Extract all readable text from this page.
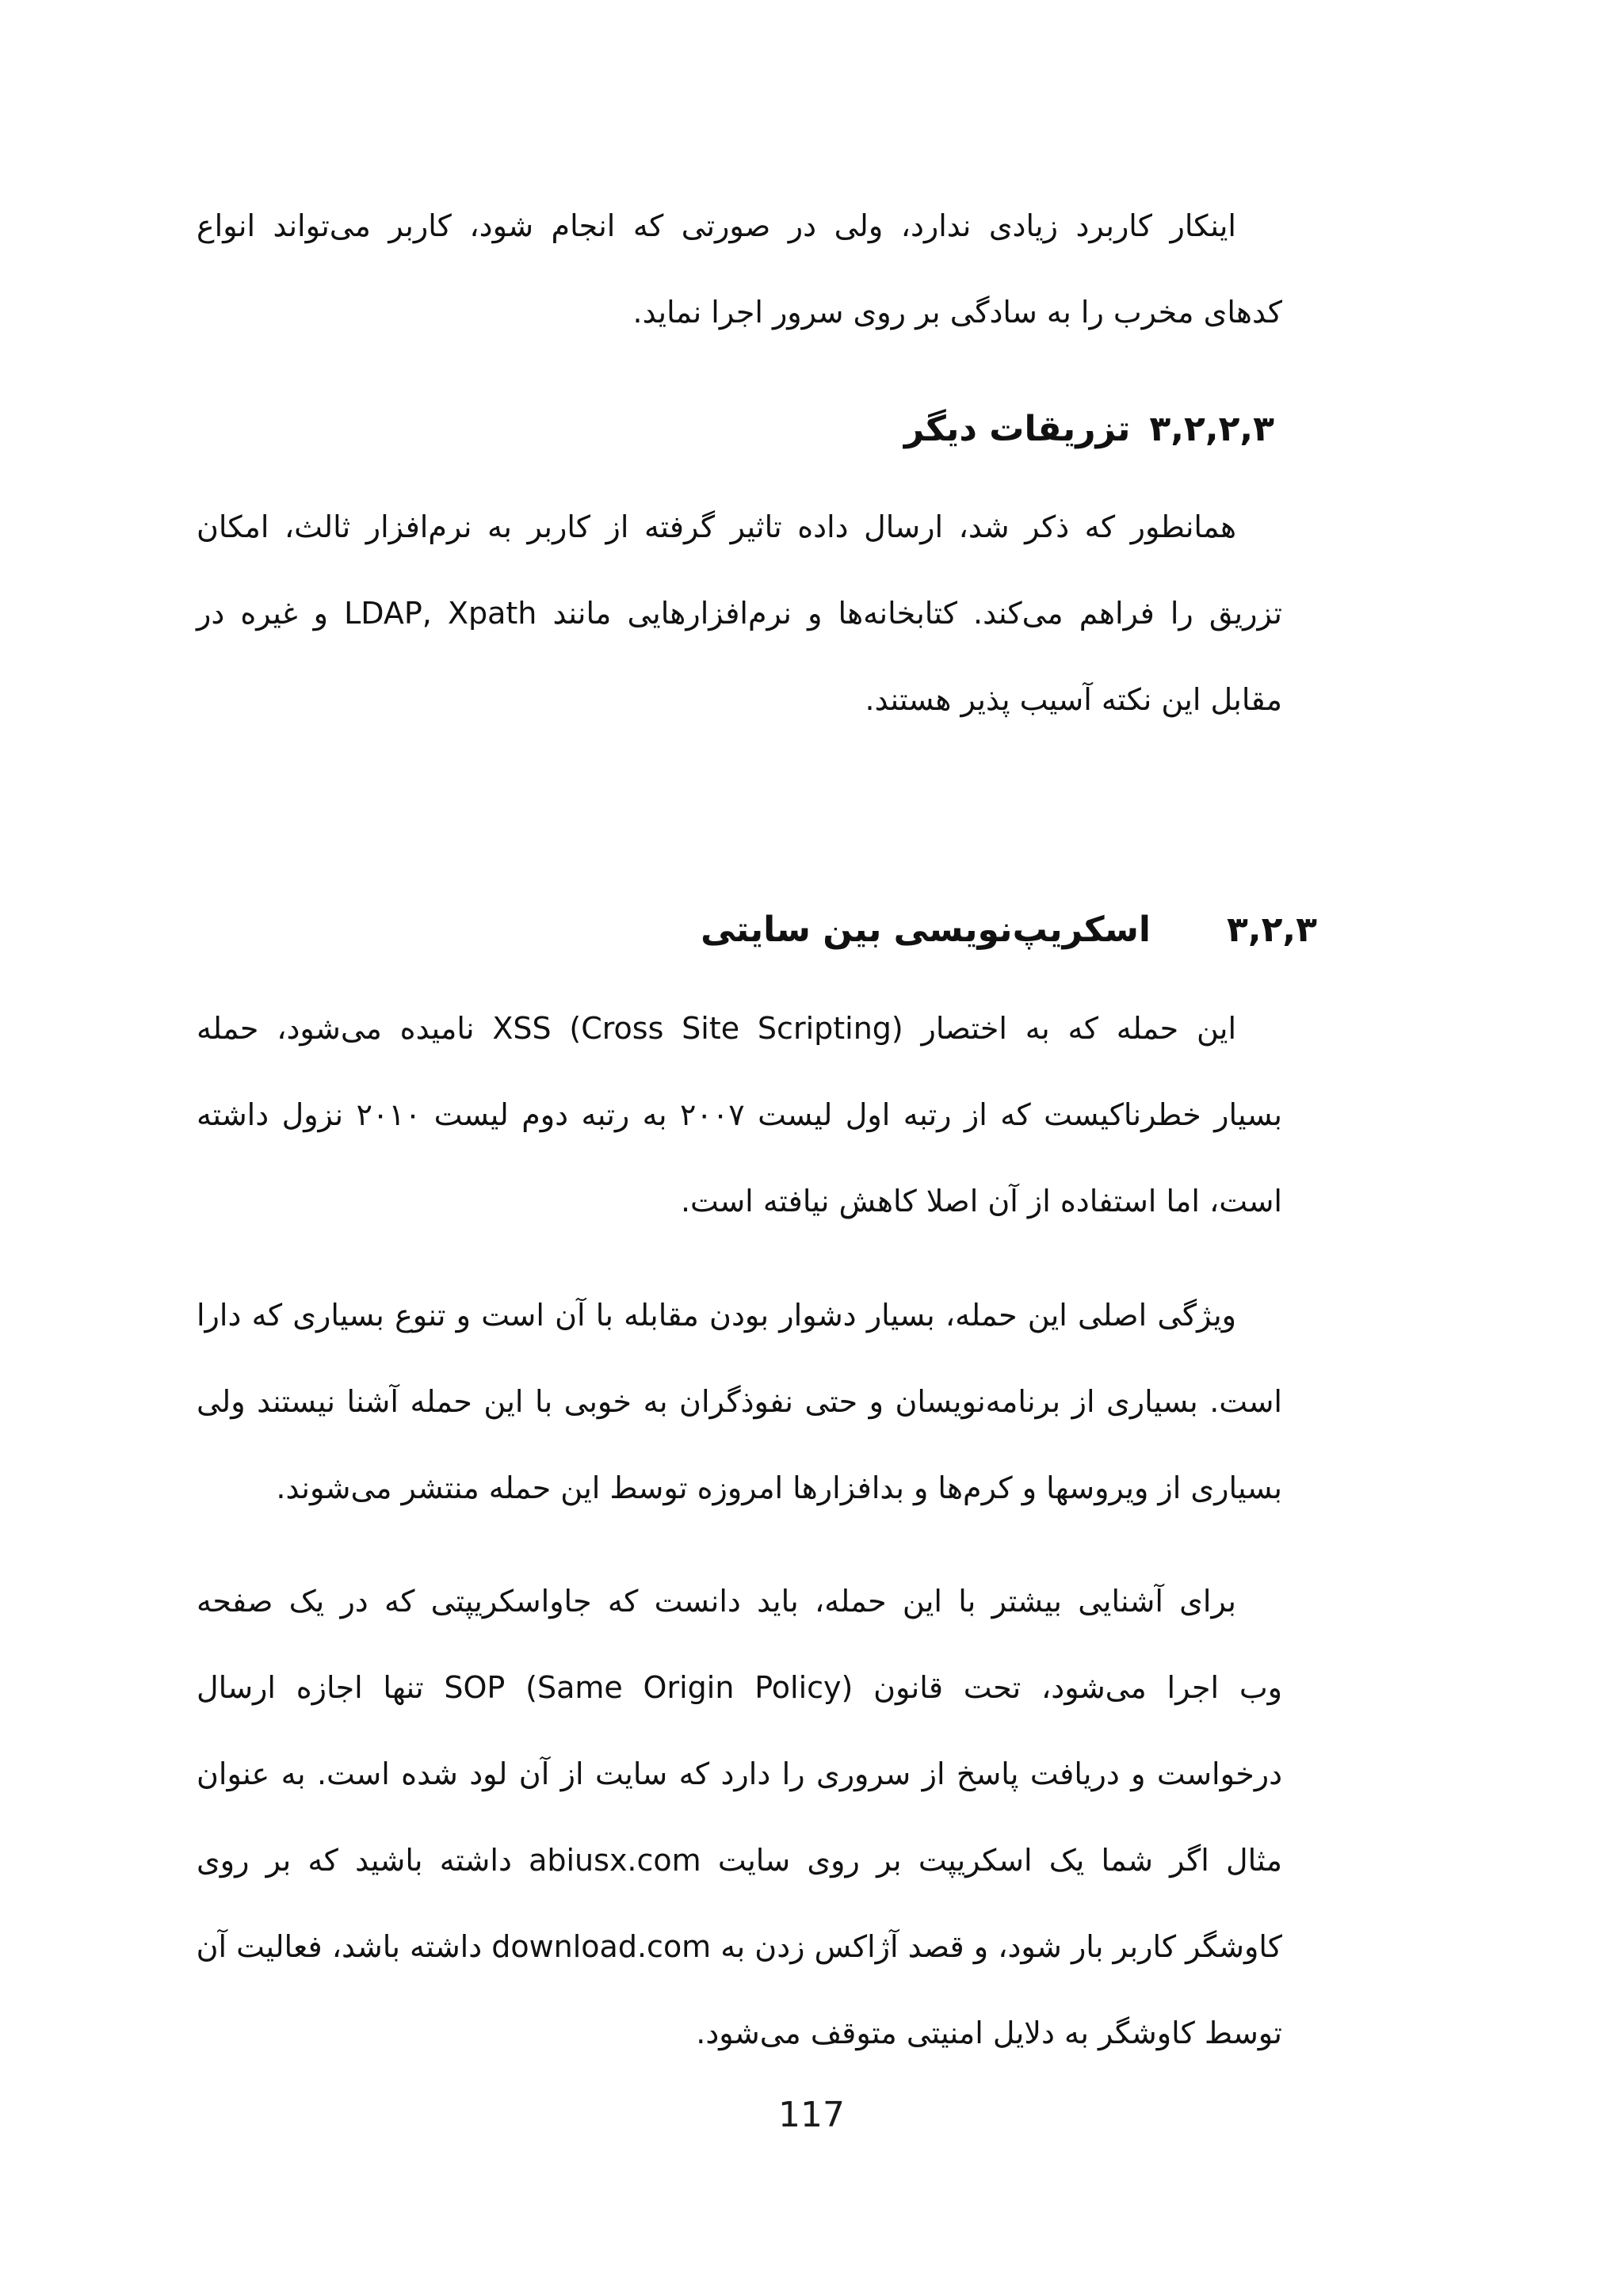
اینکار کاربرد زیادی ندارد، ولی در صورتی که انجام شود، کاربر می‌تواند انواع
کدهای مخرب را به سادگی بر روی سرور اجرا نماید.
۳,۲,۲,۳تزریقات دیگر
همانطور که ذکر شد، ارسال داده تاثیر گرفته از کاربر به نرم‌افزار ثالث، امکان
تزریق را فراهم می‌کند. کتابخانه‌ها و نرم‌افزارهایی مانند LDAP, Xpath و غیره در
مقابل این نکته آسیب پذیر هستند.
۳,۲,۳اسکریپ‌نویسی بین سایتی
این حمله که به اختصار XSS (Cross Site Scripting) نامیده می‌شود، حمله
بسیار خطرناکیست که از رتبه اول لیست ۲۰۰۷ به رتبه دوم لیست ۲۰۱۰ نزول داشته
است، اما استفاده از آن اصلا کاهش نیافته است.
ویژگی اصلی این حمله، بسیار دشوار بودن مقابله با آن است و تنوع بسیاری که دارا
است. بسیاری از برنامه‌نویسان و حتی نفوذگران به خوبی با این حمله آشنا نیستند ولی
بسیاری از ویروسها و کرم‌ها و بدافزارها امروزه توسط این حمله منتشر می‌شوند.
برای آشنایی بیشتر با این حمله، باید دانست که جاواسکریپتی که در یک صفحه
وب اجرا می‌شود، تحت قانون SOP (Same Origin Policy) تنها اجازه ارسال
درخواست و دریافت پاسخ از سروری را دارد که سایت از آن لود شده است. به عنوان
مثال اگر شما یک اسکریپت بر روی سایت abiusx.com داشته باشید که بر روی
کاوشگر کاربر بار شود، و قصد آژاکس زدن به download.com داشته باشد، فعالیت آن
توسط کاوشگر به دلایل امنیتی متوقف می‌شود.
117
